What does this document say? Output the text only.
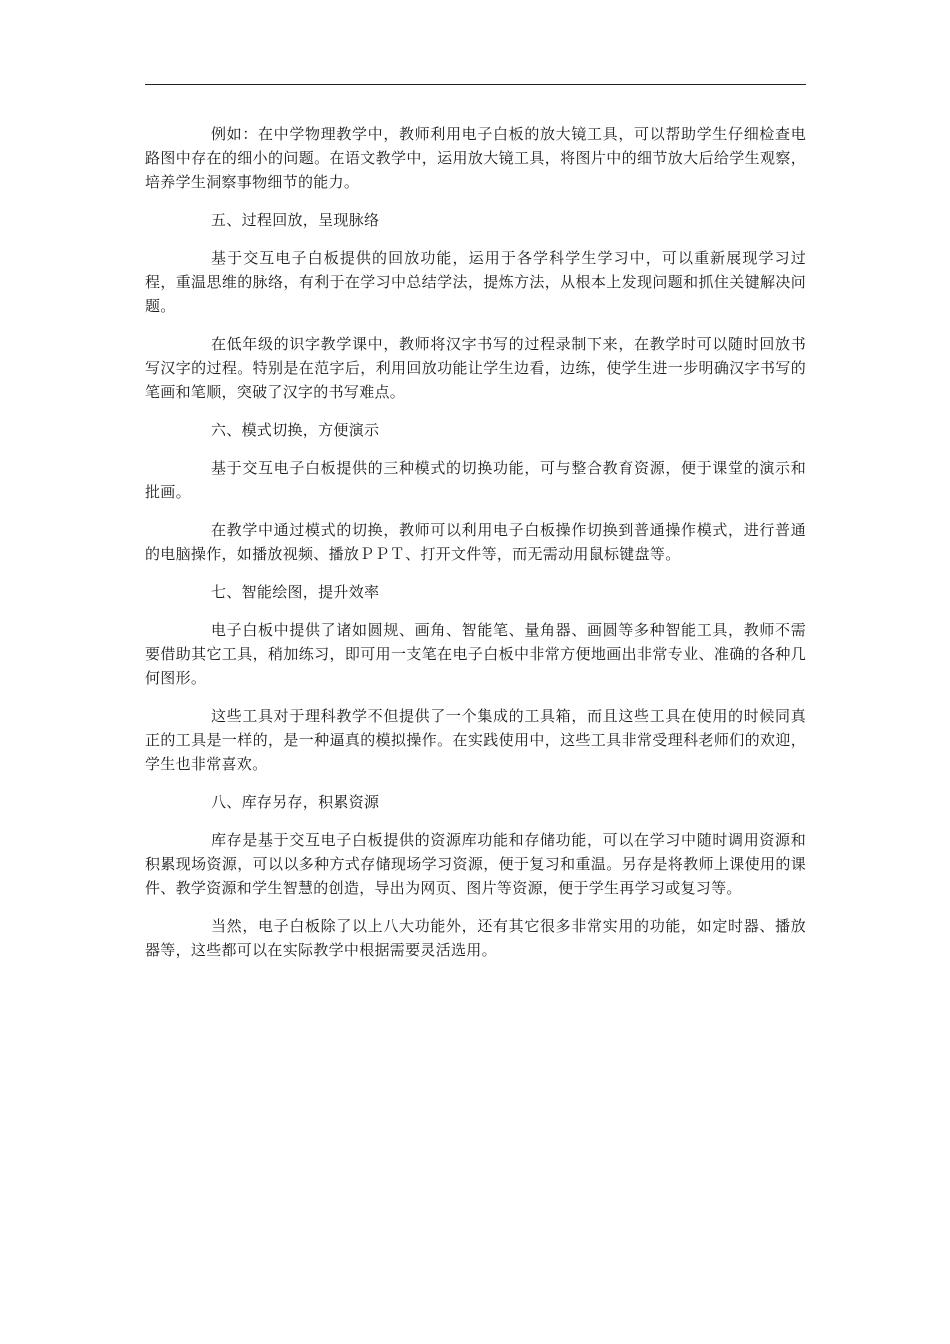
例如：在中学物理教学中，教师利用电子白板的放大镜工具，可以帮助学生仔细检查电路图中存在的细小的问题。在语文教学中，运用放大镜工具，将图片中的细节放大后给学生观察，培养学生洞察事物细节的能力。

五、过程回放，呈现脉络

基于交互电子白板提供的回放功能，运用于各学科学生学习中，可以重新展现学习过程，重温思维的脉络，有利于在学习中总结学法，提炼方法，从根本上发现问题和抓住关键解决问题。

在低年级的识字教学课中，教师将汉字书写的过程录制下来，在教学时可以随时回放书写汉字的过程。特别是在范字后，利用回放功能让学生边看，边练，使学生进一步明确汉字书写的笔画和笔顺，突破了汉字的书写难点。

六、模式切换，方便演示

基于交互电子白板提供的三种模式的切换功能，可与整合教育资源，便于课堂的演示和批画。

在教学中通过模式的切换，教师可以利用电子白板操作切换到普通操作模式，进行普通的电脑操作，如播放视频、播放ＰＰＴ、打开文件等，而无需动用鼠标键盘等。

七、智能绘图，提升效率

电子白板中提供了诸如圆规、画角、智能笔、量角器、画圆等多种智能工具，教师不需要借助其它工具，稍加练习，即可用一支笔在电子白板中非常方便地画出非常专业、准确的各种几何图形。

这些工具对于理科教学不但提供了一个集成的工具箱，而且这些工具在使用的时候同真正的工具是一样的，是一种逼真的模拟操作。在实践使用中，这些工具非常受理科老师们的欢迎，学生也非常喜欢。

八、库存另存，积累资源

库存是基于交互电子白板提供的资源库功能和存储功能，可以在学习中随时调用资源和积累现场资源，可以以多种方式存储现场学习资源，便于复习和重温。另存是将教师上课使用的课件、教学资源和学生智慧的创造，导出为网页、图片等资源，便于学生再学习或复习等。

当然，电子白板除了以上八大功能外，还有其它很多非常实用的功能，如定时器、播放器等，这些都可以在实际教学中根据需要灵活选用。
